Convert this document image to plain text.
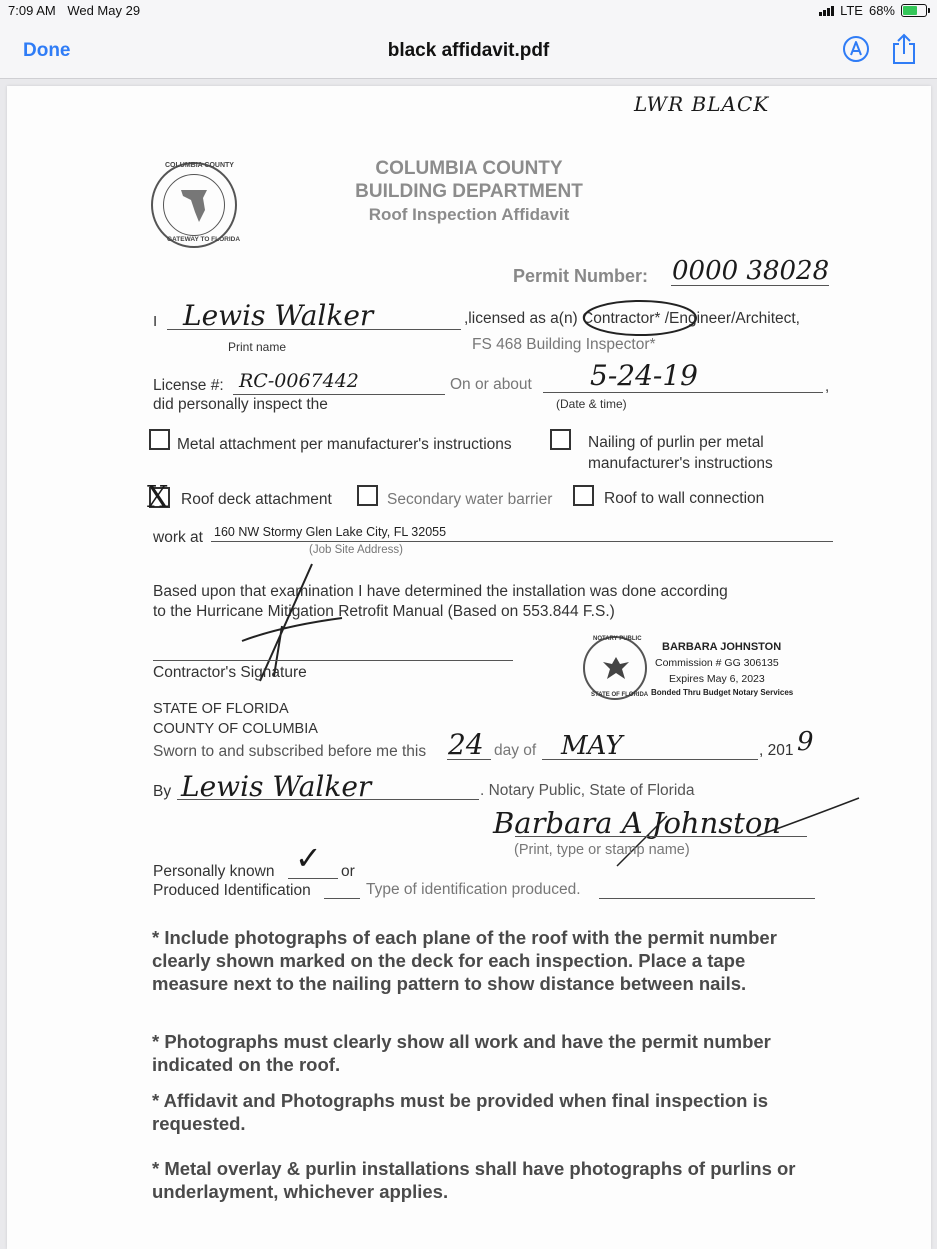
7:09 AM Wed May 29	LTE 68%
Done	black affidavit.pdf
LWR BLACK
COLUMBIA COUNTY
GATEWAY TO FLORIDA
COLUMBIA COUNTY
BUILDING DEPARTMENT
Roof Inspection Affidavit
Permit Number: 0000 38028
I Lewis Walker	,licensed as a(n) Contractor* /Engineer/Architect,
Print name	FS 468 Building Inspector*
License #: RC-0067442	On or about 5-24-19	,
(Date & time)
did personally inspect the
Metal attachment per manufacturer's instructions	Nailing of purlin per metal
manufacturer's instructions
X Roof deck attachment	Secondary water barrier	Roof to wall connection
work at 160 NW Stormy Glen Lake City, FL 32055
(Job Site Address)
Based upon that examination I have determined the installation was done according
to the Hurricane Mitigation Retrofit Manual (Based on 553.844 F.S.)
Contractor's Signature
NOTARY PUBLIC
STATE OF FLORIDA
BARBARA JOHNSTON
Commission # GG 306135
Expires May 6, 2023
Bonded Thru Budget Notary Services
STATE OF FLORIDA
COUNTY OF COLUMBIA
Sworn to and subscribed before me this 24 day of MAY	, 201 9
By Lewis Walker	. Notary Public, State of Florida
Barbara A Johnston
(Print, type or stamp name)
Personally known ✓ or
Produced Identification	Type of identification produced.
* Include photographs of each plane of the roof with the permit number clearly shown marked on the deck for each inspection. Place a tape measure next to the nailing pattern to show distance between nails.
* Photographs must clearly show all work and have the permit number indicated on the roof.
* Affidavit and Photographs must be provided when final inspection is requested.
* Metal overlay & purlin installations shall have photographs of purlins or underlayment, whichever applies.
